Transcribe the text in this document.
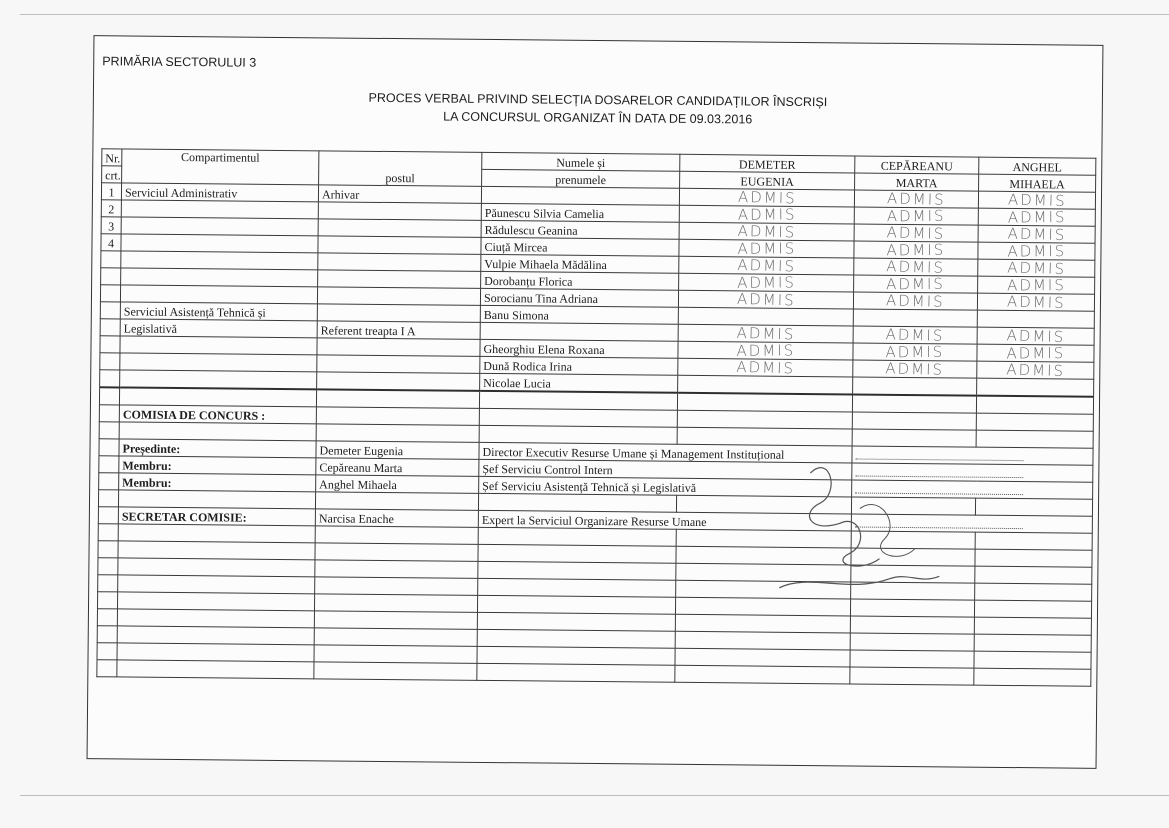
PRIMĂRIA SECTORULUI 3
PROCES VERBAL PRIVIND SELECȚIA DOSARELOR CANDIDAȚILOR ÎNSCRIȘI
LA CONCURSUL ORGANIZAT ÎN DATA DE 09.03.2016
Nr.	Compartimentul	postul	Numele și	DEMETER	CEPĂREANU	ANGHEL
crt.			prenumele	EUGENIA	MARTA	MIHAELA
1	Serviciul Administrativ	Arhivar		ADMIS	ADMIS	ADMIS
2			Păunescu Silvia Camelia	ADMIS	ADMIS	ADMIS
3			Rădulescu Geanina	ADMIS	ADMIS	ADMIS
4			Ciuță Mircea	ADMIS	ADMIS	ADMIS
			Vulpie Mihaela Mădălina	ADMIS	ADMIS	ADMIS
			Dorobanțu Florica	ADMIS	ADMIS	ADMIS
			Sorocianu Tina Adriana	ADMIS	ADMIS	ADMIS
	Serviciul Asistență Tehnică și		Banu Simona			
	Legislativă	Referent treapta I A		ADMIS	ADMIS	ADMIS
			Gheorghiu Elena Roxana	ADMIS	ADMIS	ADMIS
			Dună Rodica Irina	ADMIS	ADMIS	ADMIS
			Nicolae Lucia			

	COMISIA DE CONCURS :					

	Președinte:	Demeter Eugenia	Director Executiv Resurse Umane și Management Instituțional			
	Membru:	Cepăreanu Marta	Șef Serviciu Control Intern			
	Membru:	Anghel Mihaela	Șef Serviciu Asistență Tehnică și Legislativă			

	SECRETAR COMISIE:	Narcisa Enache	Expert la Serviciul Organizare Resurse Umane			
